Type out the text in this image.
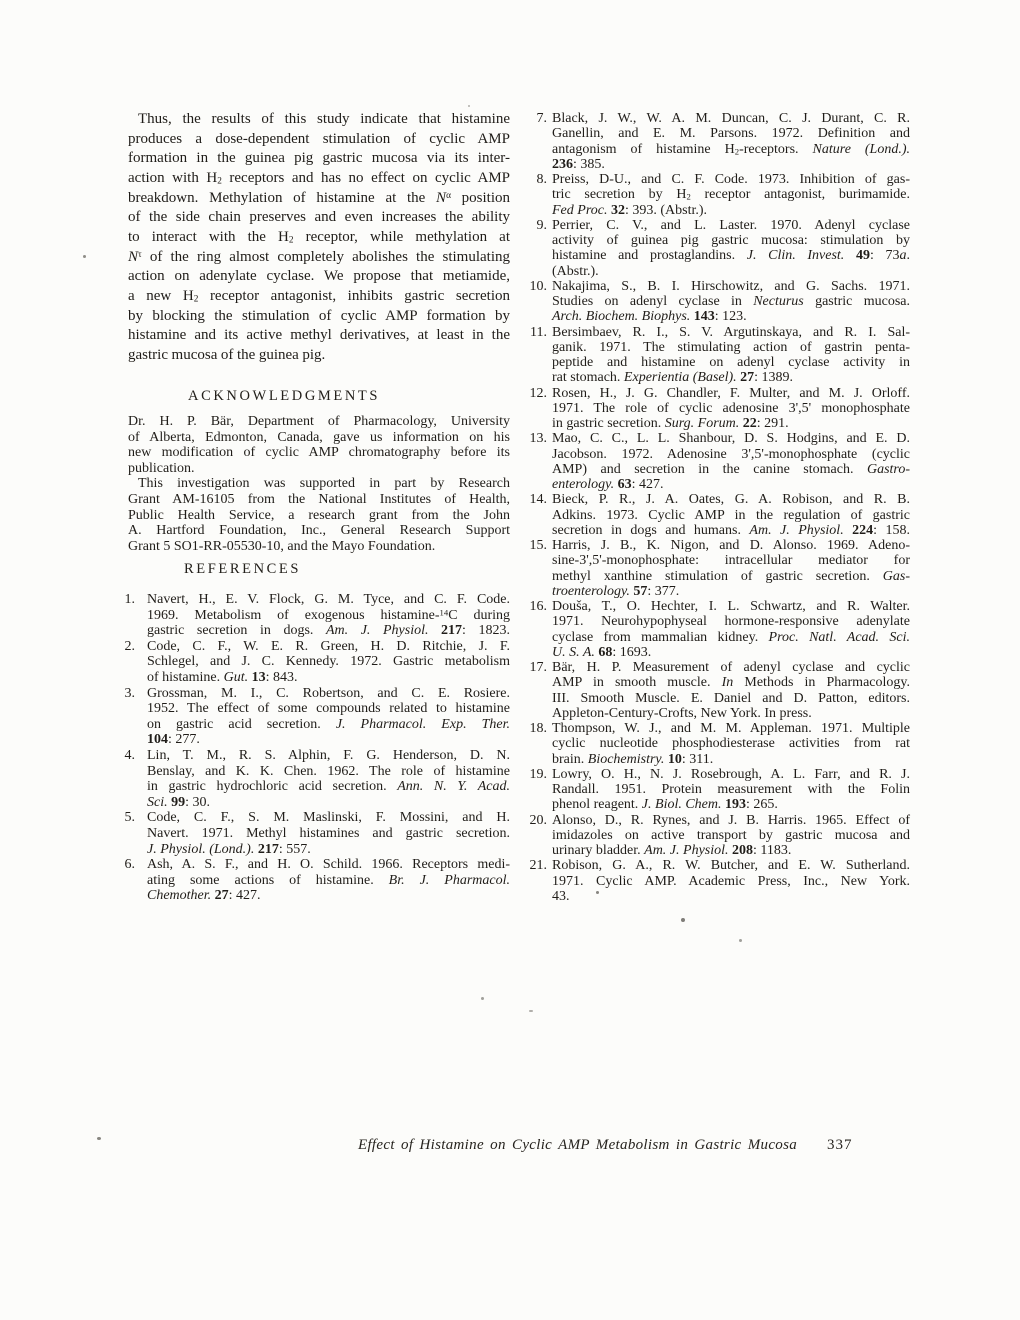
Thus, the results of this study indicate that histamine
produces a dose-dependent stimulation of cyclic AMP
formation in the guinea pig gastric mucosa via its inter-
action with $H_2$ receptors and has no effect on cyclic AMP
breakdown. Methylation of histamine at the $N^\alpha$ position
of the side chain preserves and even increases the ability
to interact with the $H_2$ receptor, while methylation at
$N^\tau$ of the ring almost completely abolishes the stimulating
action on adenylate cyclase. We propose that metiamide,
a new $H_2$ receptor antagonist, inhibits gastric secretion
by blocking the stimulation of cyclic AMP formation by
histamine and its active methyl derivatives, at least in the
gastric mucosa of the guinea pig.
ACKNOWLEDGMENTS
Dr. H. P. Bär, Department of Pharmacology, University
of Alberta, Edmonton, Canada, gave us information on his
new modification of cyclic AMP chromatography before its
publication.
This investigation was supported in part by Research
Grant AM-16105 from the National Institutes of Health,
Public Health Service, a research grant from the John
A. Hartford Foundation, Inc., General Research Support
Grant 5 SO1-RR-05530-10, and the Mayo Foundation.
REFERENCES
1. Navert, H., E. V. Flock, G. M. Tyce, and C. F. Code.
1969. Metabolism of exogenous histamine-$^{14}$C during
gastric secretion in dogs. Am. J. Physiol. 217: 1823.
2. Code, C. F., W. E. R. Green, H. D. Ritchie, J. F.
Schlegel, and J. C. Kennedy. 1972. Gastric metabolism
of histamine. Gut. 13: 843.
3. Grossman, M. I., C. Robertson, and C. E. Rosiere.
1952. The effect of some compounds related to histamine
on gastric acid secretion. J. Pharmacol. Exp. Ther.
104: 277.
4. Lin, T. M., R. S. Alphin, F. G. Henderson, D. N.
Benslay, and K. K. Chen. 1962. The role of histamine
in gastric hydrochloric acid secretion. Ann. N. Y. Acad.
Sci. 99: 30.
5. Code, C. F., S. M. Maslinski, F. Mossini, and H.
Navert. 1971. Methyl histamines and gastric secretion.
J. Physiol. (Lond.). 217: 557.
6. Ash, A. S. F., and H. O. Schild. 1966. Receptors medi-
ating some actions of histamine. Br. J. Pharmacol.
Chemother. 27: 427.
7. Black, J. W., W. A. M. Duncan, C. J. Durant, C. R.
Ganellin, and E. M. Parsons. 1972. Definition and
antagonism of histamine $H_2$-receptors. Nature (Lond.).
236: 385.
8. Preiss, D-U., and C. F. Code. 1973. Inhibition of gas-
tric secretion by $H_2$ receptor antagonist, burimamide.
Fed Proc. 32: 393. (Abstr.).
9. Perrier, C. V., and L. Laster. 1970. Adenyl cyclase
activity of guinea pig gastric mucosa: stimulation by
histamine and prostaglandins. J. Clin. Invest. 49: 73a.
(Abstr.).
10. Nakajima, S., B. I. Hirschowitz, and G. Sachs. 1971.
Studies on adenyl cyclase in Necturus gastric mucosa.
Arch. Biochem. Biophys. 143: 123.
11. Bersimbaev, R. I., S. V. Argutinskaya, and R. I. Sal-
ganik. 1971. The stimulating action of gastrin penta-
peptide and histamine on adenyl cyclase activity in
rat stomach. Experientia (Basel). 27: 1389.
12. Rosen, H., J. G. Chandler, F. Multer, and M. J. Orloff.
1971. The role of cyclic adenosine 3',5' monophosphate
in gastric secretion. Surg. Forum. 22: 291.
13. Mao, C. C., L. L. Shanbour, D. S. Hodgins, and E. D.
Jacobson. 1972. Adenosine 3',5'-monophosphate (cyclic
AMP) and secretion in the canine stomach. Gastro-
enterology. 63: 427.
14. Bieck, P. R., J. A. Oates, G. A. Robison, and R. B.
Adkins. 1973. Cyclic AMP in the regulation of gastric
secretion in dogs and humans. Am. J. Physiol. 224: 158.
15. Harris, J. B., K. Nigon, and D. Alonso. 1969. Adeno-
sine-3',5'-monophosphate: intracellular mediator for
methyl xanthine stimulation of gastric secretion. Gas-
troenterology. 57: 377.
16. Douša, T., O. Hechter, I. L. Schwartz, and R. Walter.
1971. Neurohypophyseal hormone-responsive adenylate
cyclase from mammalian kidney. Proc. Natl. Acad. Sci.
U. S. A. 68: 1693.
17. Bär, H. P. Measurement of adenyl cyclase and cyclic
AMP in smooth muscle. In Methods in Pharmacology.
III. Smooth Muscle. E. Daniel and D. Patton, editors.
Appleton-Century-Crofts, New York. In press.
18. Thompson, W. J., and M. M. Appleman. 1971. Multiple
cyclic nucleotide phosphodiesterase activities from rat
brain. Biochemistry. 10: 311.
19. Lowry, O. H., N. J. Rosebrough, A. L. Farr, and R. J.
Randall. 1951. Protein measurement with the Folin
phenol reagent. J. Biol. Chem. 193: 265.
20. Alonso, D., R. Rynes, and J. B. Harris. 1965. Effect of
imidazoles on active transport by gastric mucosa and
urinary bladder. Am. J. Physiol. 208: 1183.
21. Robison, G. A., R. W. Butcher, and E. W. Sutherland.
1971. Cyclic AMP. Academic Press, Inc., New York.
43.
Effect of Histamine on Cyclic AMP Metabolism in Gastric Mucosa 337
